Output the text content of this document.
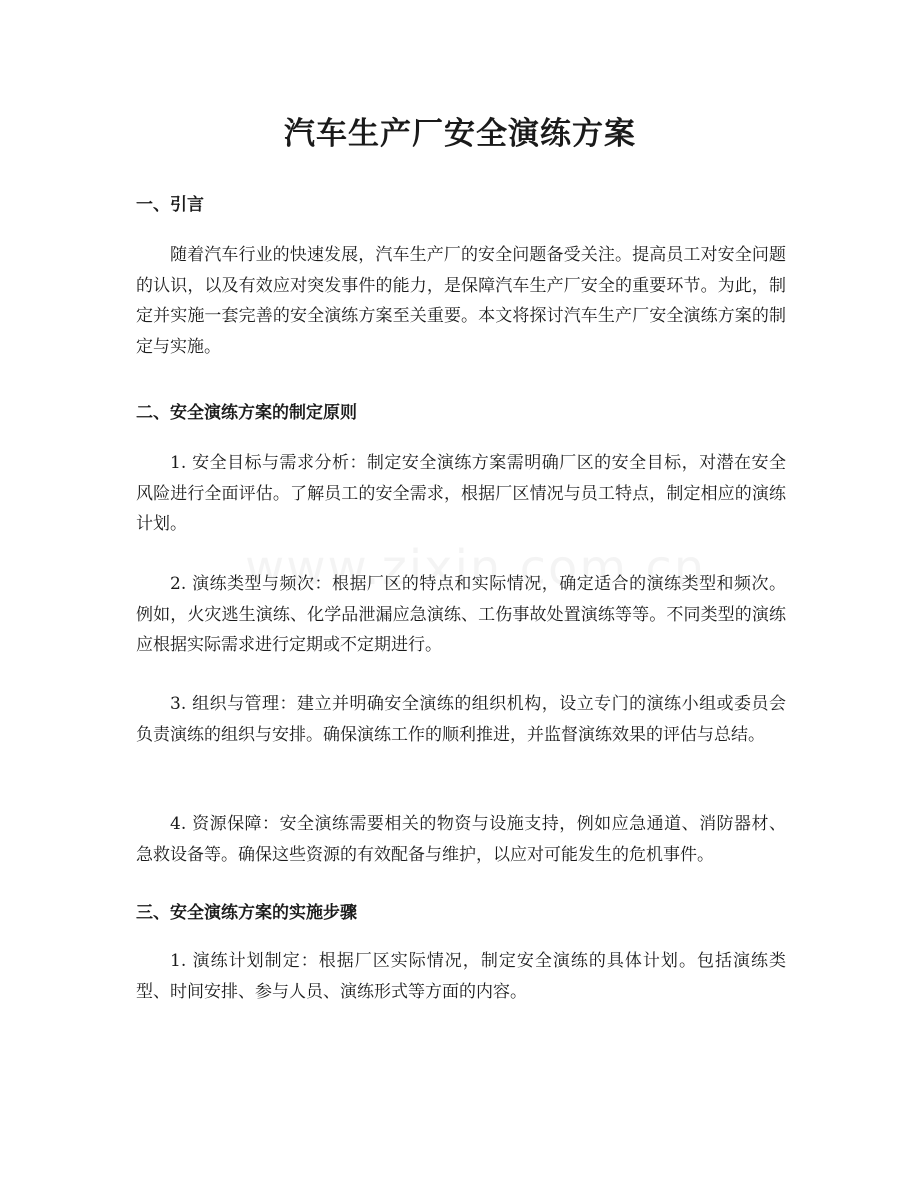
汽车生产厂安全演练方案
一、引言

随着汽车行业的快速发展，汽车生产厂的安全问题备受关注。提高员工对安全问题的认识，以及有效应对突发事件的能力，是保障汽车生产厂安全的重要环节。为此，制定并实施一套完善的安全演练方案至关重要。本文将探讨汽车生产厂安全演练方案的制定与实施。

二、安全演练方案的制定原则

1. 安全目标与需求分析：制定安全演练方案需明确厂区的安全目标，对潜在安全风险进行全面评估。了解员工的安全需求，根据厂区情况与员工特点，制定相应的演练计划。

2. 演练类型与频次：根据厂区的特点和实际情况，确定适合的演练类型和频次。例如，火灾逃生演练、化学品泄漏应急演练、工伤事故处置演练等等。不同类型的演练应根据实际需求进行定期或不定期进行。

3. 组织与管理：建立并明确安全演练的组织机构，设立专门的演练小组或委员会负责演练的组织与安排。确保演练工作的顺利推进，并监督演练效果的评估与总结。

4. 资源保障：安全演练需要相关的物资与设施支持，例如应急通道、消防器材、急救设备等。确保这些资源的有效配备与维护，以应对可能发生的危机事件。

三、安全演练方案的实施步骤

1. 演练计划制定：根据厂区实际情况，制定安全演练的具体计划。包括演练类型、时间安排、参与人员、演练形式等方面的内容。
